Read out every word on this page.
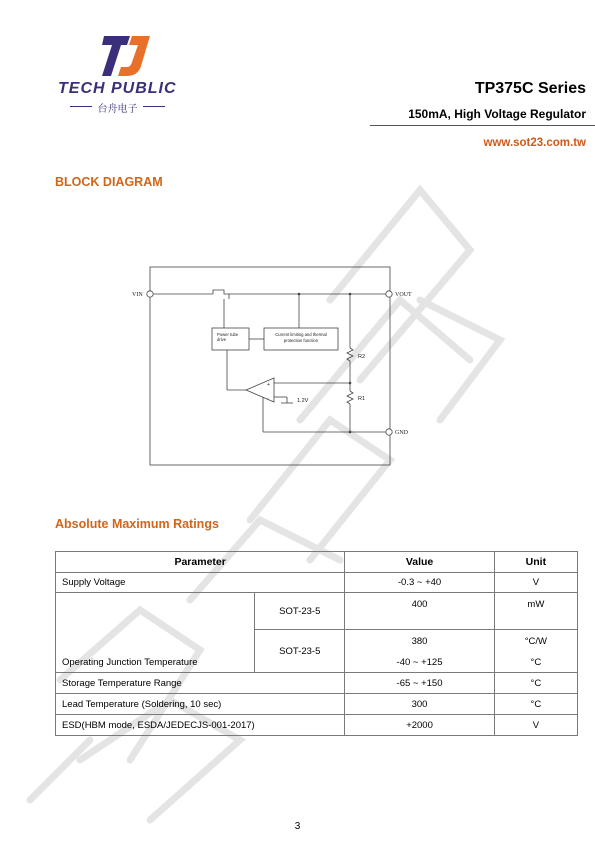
TECH PUBLIC
台舟电子
TP375C Series
150mA, High Voltage Regulator
www.sot23.com.tw
BLOCK DIAGRAM
VIN	VOUT
GND
Power tube
drive
Current limiting and thermal
protection function
R2
R1
1.2V
+
-
Absolute Maximum Ratings
Parameter		Value	Unit
Supply Voltage		-0.3 ~ +40	V
	SOT-23-5	400	mW
	SOT-23-5	380	°C/W
Operating Junction Temperature		-40 ~ +125	°C
Storage Temperature Range		-65 ~ +150	°C
Lead Temperature (Soldering, 10 sec)		300	°C
ESD(HBM mode, ESDA/JEDECJS-001-2017)		+2000	V
3
